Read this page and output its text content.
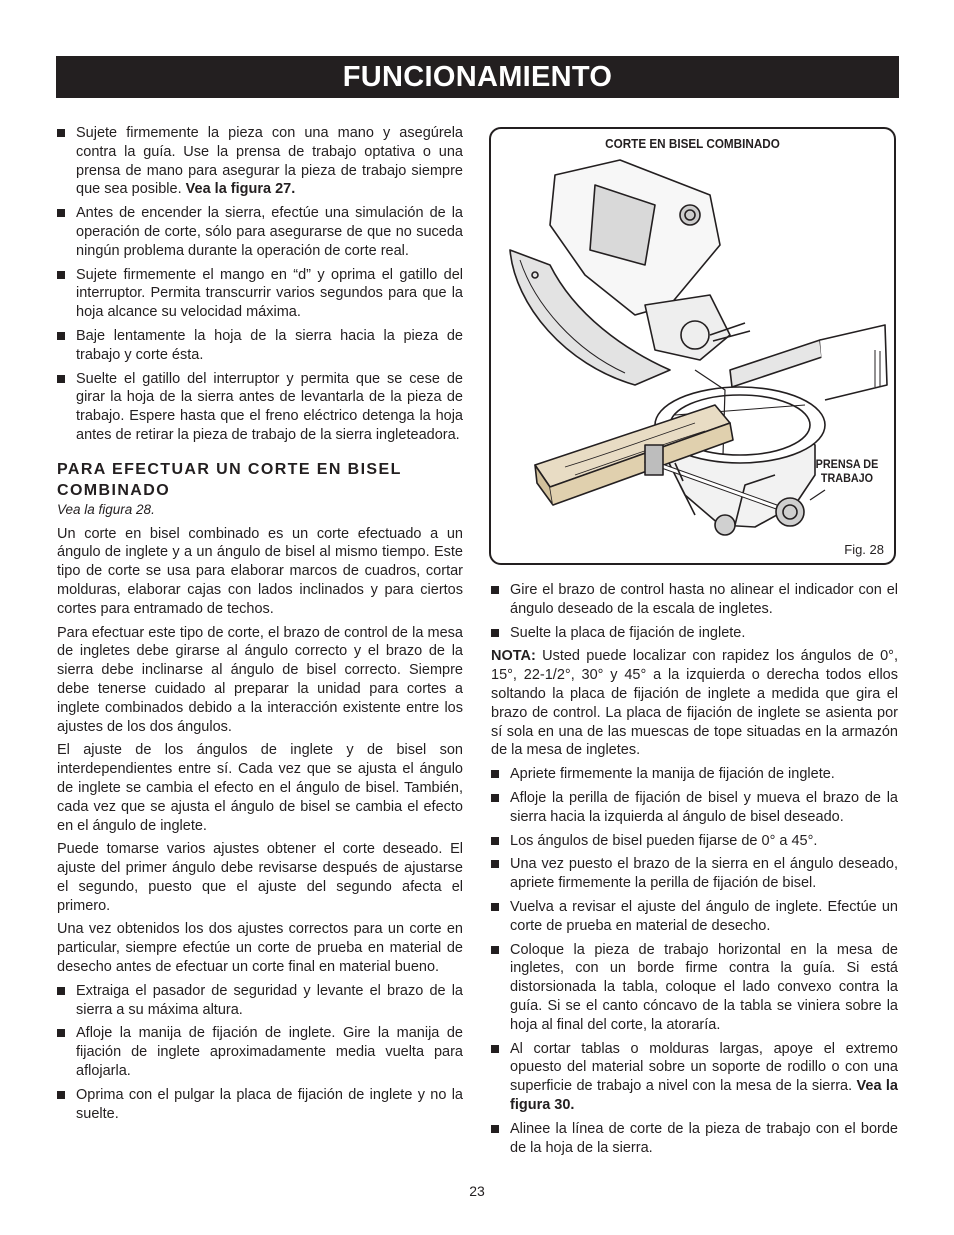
FUNCIONAMIENTO
Sujete firmemente la pieza con una mano y asegúrela contra la guía. Use la prensa de trabajo optativa o una prensa de mano para asegurar la pieza de trabajo siempre que sea posible. Vea la figura 27.
Antes de encender la sierra, efectúe una simulación de la operación de corte, sólo para asegurarse de que no suceda ningún problema durante la operación de corte real.
Sujete firmemente el mango en “d” y oprima el gatillo del interruptor. Permita transcurrir varios segundos para que la hoja alcance su velocidad máxima.
Baje lentamente la hoja de la sierra hacia la pieza de trabajo y corte ésta.
Suelte el gatillo del interruptor y permita que se cese de girar la hoja de la sierra antes de levantarla de la pieza de trabajo. Espere hasta que el freno eléctrico detenga la hoja antes de retirar la pieza de trabajo de la sierra ingleteadora.
PARA EFECTUAR UN CORTE EN BISEL COMBINADO
Vea la figura 28.

Un corte en bisel combinado es un corte efectuado a un ángulo de inglete y a un ángulo de bisel al mismo tiempo. Este tipo de corte se usa para elaborar marcos de cuadros, cortar molduras, elaborar cajas con lados inclinados y para ciertos cortes para entramado de techos.

Para efectuar este tipo de corte, el brazo de control de la mesa de ingletes debe girarse al ángulo correcto y el brazo de la sierra debe inclinarse al ángulo de bisel correcto. Siempre debe tenerse cuidado al preparar la unidad para cortes a inglete combinados debido a la interacción existente entre los ajustes de los dos ángulos.

El ajuste de los ángulos de inglete y de bisel son interdependientes entre sí. Cada vez que se ajusta el ángulo de inglete se cambia el efecto en el ángulo de bisel. También, cada vez que se ajusta el ángulo de bisel se cambia el efecto en el ángulo de inglete.

Puede tomarse varios ajustes obtener el corte deseado. El ajuste del primer ángulo debe revisarse después de ajustarse el segundo, puesto que el ajuste del segundo afecta el primero.

Una vez obtenidos los dos ajustes correctos para un corte en particular, siempre efectúe un corte de prueba en material de desecho antes de efectuar un corte final en material bueno.

Extraiga el pasador de seguridad y levante el brazo de la sierra a su máxima altura.
Afloje la manija de fijación de inglete. Gire la manija de fijación de inglete aproximadamente media vuelta para aflojarla.
Oprima con el pulgar la placa de fijación de inglete y no la suelte.
CORTE EN BISEL COMBINADO
PRENSA DE TRABAJO
Fig. 28
Gire el brazo de control hasta no alinear el indicador con el ángulo deseado de la escala de ingletes.
Suelte la placa de fijación de inglete.

NOTA: Usted puede localizar con rapidez los ángulos de 0°, 15°, 22-1/2°, 30° y 45° a la izquierda o derecha todos ellos soltando la placa de fijación de inglete a medida que gira el brazo de control. La placa de fijación de inglete se asienta por sí sola en una de las muescas de tope situadas en la armazón de la mesa de ingletes.

Apriete firmemente la manija de fijación de inglete.
Afloje la perilla de fijación de bisel y mueva el brazo de la sierra hacia la izquierda al ángulo de bisel deseado.
Los ángulos de bisel pueden fijarse de 0° a 45°.
Una vez puesto el brazo de la sierra en el ángulo deseado, apriete firmemente la perilla de fijación de bisel.
Vuelva a revisar el ajuste del ángulo de inglete. Efectúe un corte de prueba en material de desecho.
Coloque la pieza de trabajo horizontal en la mesa de ingletes, con un borde firme contra la guía. Si está distorsionada la tabla, coloque el lado convexo contra la guía. Si se el canto cóncavo de la tabla se viniera sobre la hoja al final del corte, la atoraría.
Al cortar tablas o molduras largas, apoye el extremo opuesto del material sobre un soporte de rodillo o con una superficie de trabajo a nivel con la mesa de la sierra. Vea la figura 30.
Alinee la línea de corte de la pieza de trabajo con el borde de la hoja de la sierra.
23
